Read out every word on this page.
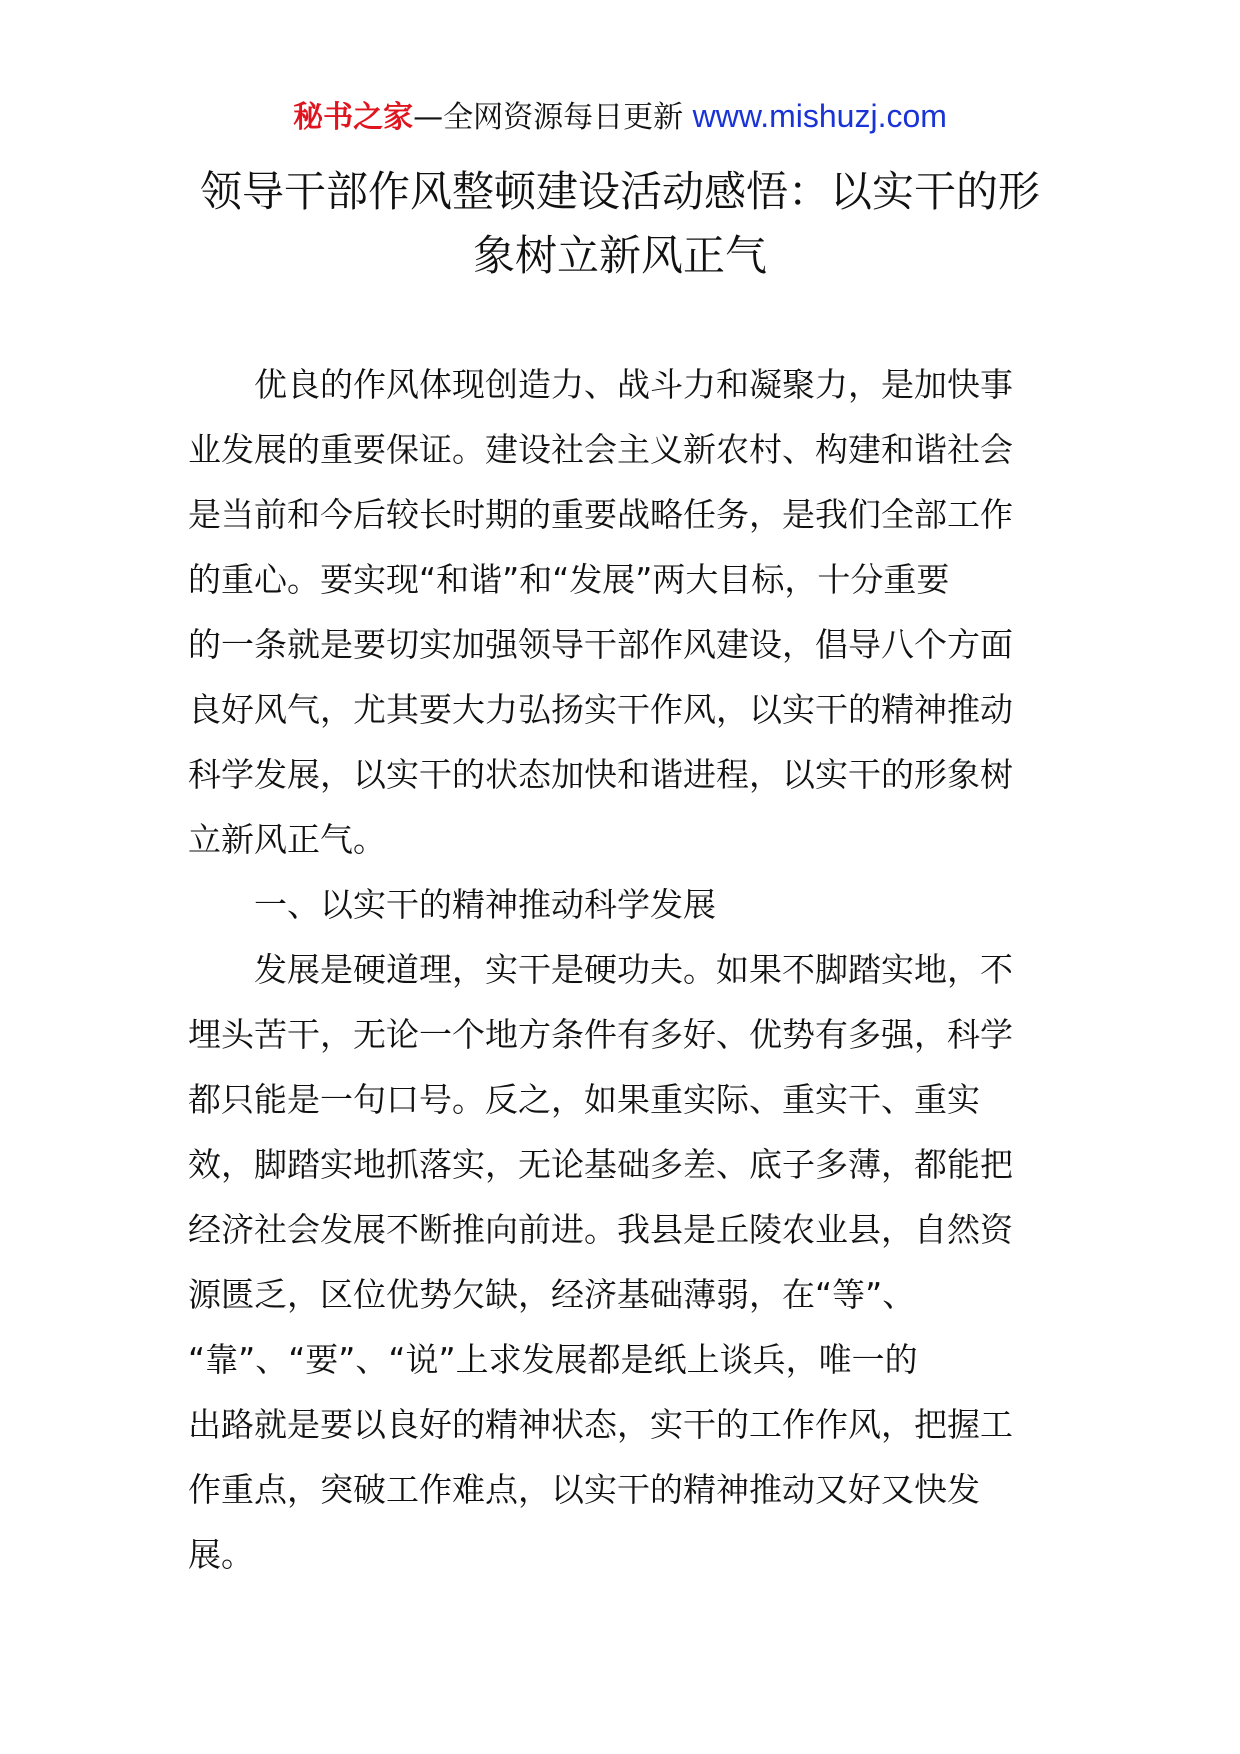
秘书之家—全网资源每日更新 www.mishuzj.com
领导干部作风整顿建设活动感悟：以实干的形
象树立新风正气

优良的作风体现创造力、战斗力和凝聚力，是加快事
业发展的重要保证。建设社会主义新农村、构建和谐社会
是当前和今后较长时期的重要战略任务，是我们全部工作
的重心。要实现“和谐”和“发展”两大目标，十分重要
的一条就是要切实加强领导干部作风建设，倡导八个方面
良好风气，尤其要大力弘扬实干作风，以实干的精神推动
科学发展，以实干的状态加快和谐进程，以实干的形象树
立新风正气。

一、以实干的精神推动科学发展

发展是硬道理，实干是硬功夫。如果不脚踏实地，不
埋头苦干，无论一个地方条件有多好、优势有多强，科学
都只能是一句口号。反之，如果重实际、重实干、重实
效，脚踏实地抓落实，无论基础多差、底子多薄，都能把
经济社会发展不断推向前进。我县是丘陵农业县，自然资
源匮乏，区位优势欠缺，经济基础薄弱，在“等”、
“靠”、“要”、“说”上求发展都是纸上谈兵，唯一的
出路就是要以良好的精神状态，实干的工作作风，把握工
作重点，突破工作难点，以实干的精神推动又好又快发
展。
